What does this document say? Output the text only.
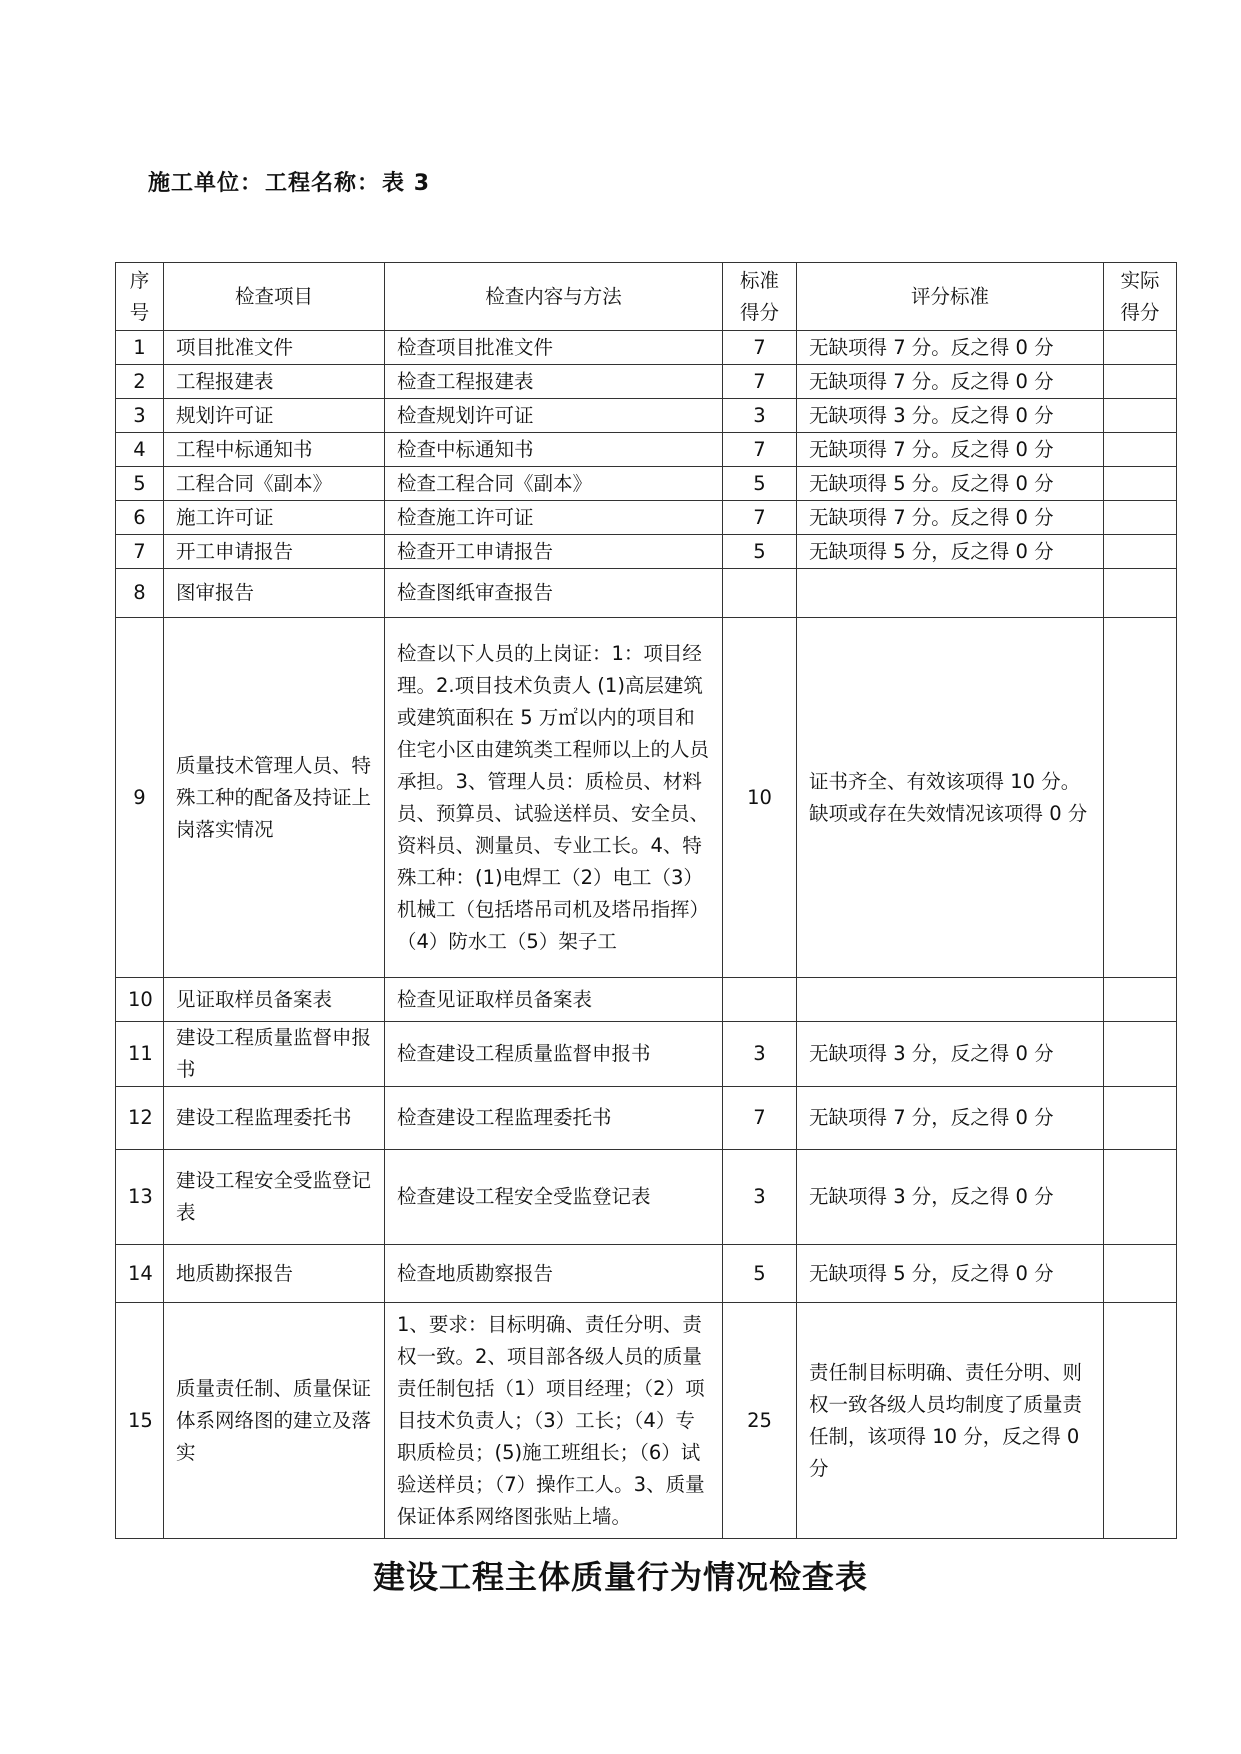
施工单位：工程名称：表 3
序号	检查项目	检查内容与方法	标准得分	评分标准	实际得分
1	项目批准文件	检查项目批准文件	7	无缺项得 7 分。反之得 0 分	
2	工程报建表	检查工程报建表	7	无缺项得 7 分。反之得 0 分	
3	规划许可证	检查规划许可证	3	无缺项得 3 分。反之得 0 分	
4	工程中标通知书	检查中标通知书	7	无缺项得 7 分。反之得 0 分	
5	工程合同《副本》	检查工程合同《副本》	5	无缺项得 5 分。反之得 0 分	
6	施工许可证	检查施工许可证	7	无缺项得 7 分。反之得 0 分	
7	开工申请报告	检查开工申请报告	5	无缺项得 5 分，反之得 0 分	
8	图审报告	检查图纸审查报告			
9	质量技术管理人员、特殊工种的配备及持证上岗落实情况	检查以下人员的上岗证：1：项目经理。2.项目技术负责人 (1)高层建筑或建筑面积在 5 万㎡以内的项目和住宅小区由建筑类工程师以上的人员承担。3、管理人员：质检员、材料员、预算员、试验送样员、安全员、资料员、测量员、专业工长。4、特殊工种：(1)电焊工（2）电工（3）机械工（包括塔吊司机及塔吊指挥）（4）防水工（5）架子工	10	证书齐全、有效该项得 10 分。缺项或存在失效情况该项得 0 分	
10	见证取样员备案表	检查见证取样员备案表			
11	建设工程质量监督申报书	检查建设工程质量监督申报书	3	无缺项得 3 分，反之得 0 分	
12	建设工程监理委托书	检查建设工程监理委托书	7	无缺项得 7 分，反之得 0 分	
13	建设工程安全受监登记表	检查建设工程安全受监登记表	3	无缺项得 3 分，反之得 0 分	
14	地质勘探报告	检查地质勘察报告	5	无缺项得 5 分，反之得 0 分	
15	质量责任制、质量保证体系网络图的建立及落实	1、要求：目标明确、责任分明、责权一致。2、项目部各级人员的质量责任制包括（1）项目经理；（2）项目技术负责人；（3）工长；（4）专职质检员；(5)施工班组长；（6）试验送样员；（7）操作工人。3、质量保证体系网络图张贴上墙。	25	责任制目标明确、责任分明、则权一致各级人员均制度了质量责任制，该项得 10 分，反之得 0 分	
建设工程主体质量行为情况检查表
